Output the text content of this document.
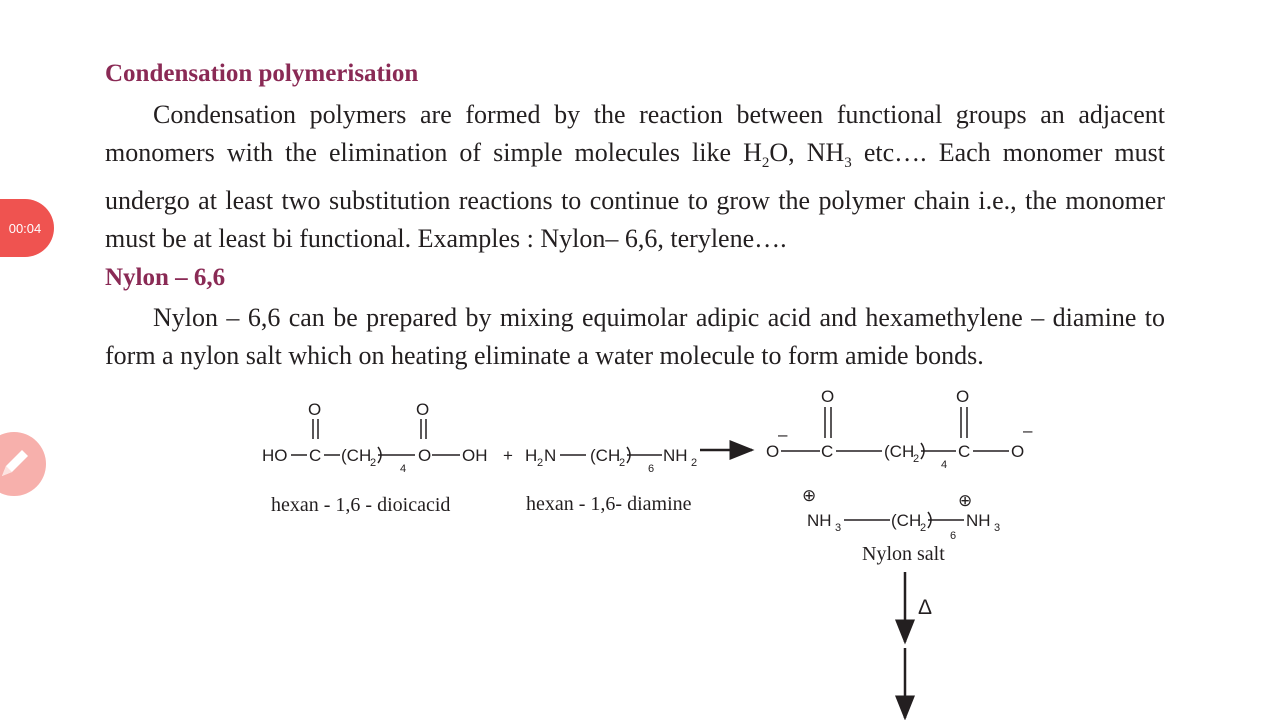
00:04
Condensation polymerisation

Condensation polymers are formed by the reaction between functional groups an adjacent monomers with the elimination of simple molecules like $H_2O$, $NH_3$ etc…. Each monomer must undergo at least two substitution reactions to continue to grow the polymer chain i.e., the monomer must be at least bi functional. Examples : Nylon– 6,6, terylene….

Nylon – 6,6

Nylon – 6,6 can be prepared by mixing equimolar adipic acid and hexamethylene – diamine to form a nylon salt which on heating eliminate a water molecule to form amide bonds.

O
HO C (CH
2 4
O
O
OH
hexan - 1,6 - dioicacid
+ H 2 N (CH
2 6
NH 2
hexan - 1,6- diamine
O
–
C
O
(CH
2 4
C
O
O
–
⊕
NH 3	(CH
2
6
⊕
NH 3
Nylon salt
Δ
